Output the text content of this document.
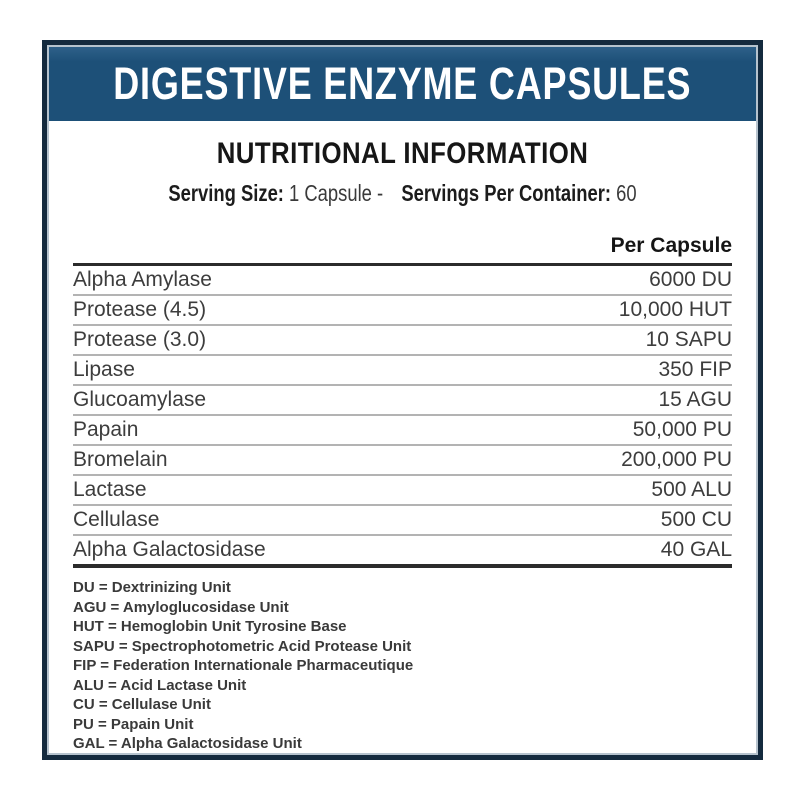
DIGESTIVE ENZYME CAPSULES
NUTRITIONAL INFORMATION
Serving Size: 1 Capsule - Servings Per Container: 60
Per Capsule
Alpha Amylase	6000 DU
Protease (4.5)	10,000 HUT
Protease (3.0)	10 SAPU
Lipase	350 FIP
Glucoamylase	15 AGU
Papain	50,000 PU
Bromelain	200,000 PU
Lactase	500 ALU
Cellulase	500 CU
Alpha Galactosidase	40 GAL
DU = Dextrinizing Unit
AGU = Amyloglucosidase Unit
HUT = Hemoglobin Unit Tyrosine Base
SAPU = Spectrophotometric Acid Protease Unit
FIP = Federation Internationale Pharmaceutique
ALU = Acid Lactase Unit
CU = Cellulase Unit
PU = Papain Unit
GAL = Alpha Galactosidase Unit
